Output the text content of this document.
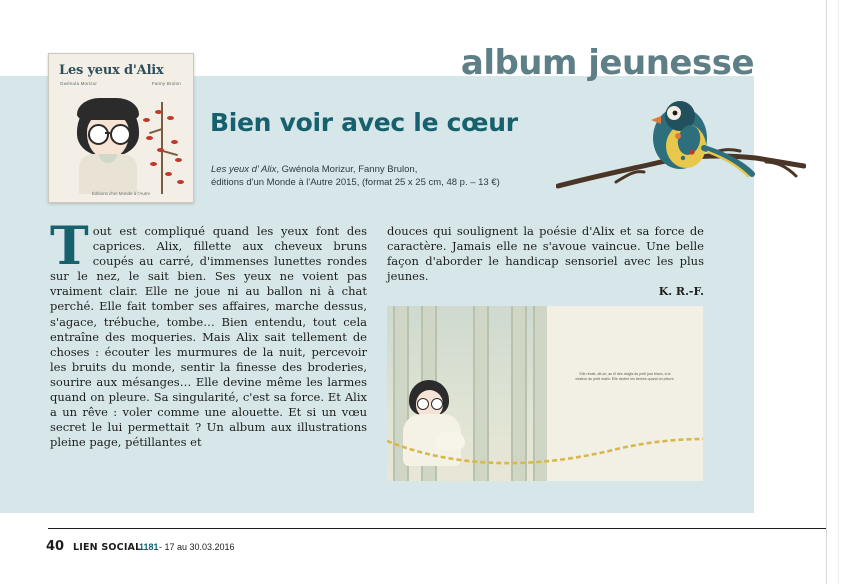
album jeunesse
Les yeux d'Alix
Gwénola Morizur	Fanny Brulon
Éditions d'un Monde à l'Autre
Bien voir avec le cœur
Les yeux d' Alix, Gwénola Morizur, Fanny Brulon,
éditions d'un Monde à l'Autre 2015, (format 25 x 25 cm, 48 p. – 13 €)
Tout est compliqué quand les yeux font des caprices. Alix, fillette aux cheveux bruns coupés au carré, d'immenses lunettes rondes sur le nez, le sait bien. Ses yeux ne voient pas vraiment clair. Elle ne joue ni au ballon ni à chat perché. Elle fait tomber ses affaires, marche dessus, s'agace, trébuche, tombe… Bien entendu, tout cela entraîne des moqueries. Mais Alix sait tellement de choses : écouter les murmures de la nuit, percevoir les bruits du monde, sentir la finesse des broderies, sourire aux mésanges… Elle devine même les larmes quand on pleure. Sa singularité, c'est sa force. Et Alix a un rêve : voler comme une alouette. Et si un vœu secret le lui permettait ? Un album aux illustrations pleine page, pétillantes et
douces qui soulignent la poésie d'Alix et sa force de caractère. Jamais elle ne s'avoue vaincue. Une belle façon d'aborder le handicap sensoriel avec les plus jeunes.
K. R.-F.
Elle rêvait, dit-on, au fil des doigts du petit jour blanc, à la chaleur du petit matin. Elle devine les larmes quand on pleure.
40 LIEN SOCIAL
1181 - 17 au 30.03.2016
